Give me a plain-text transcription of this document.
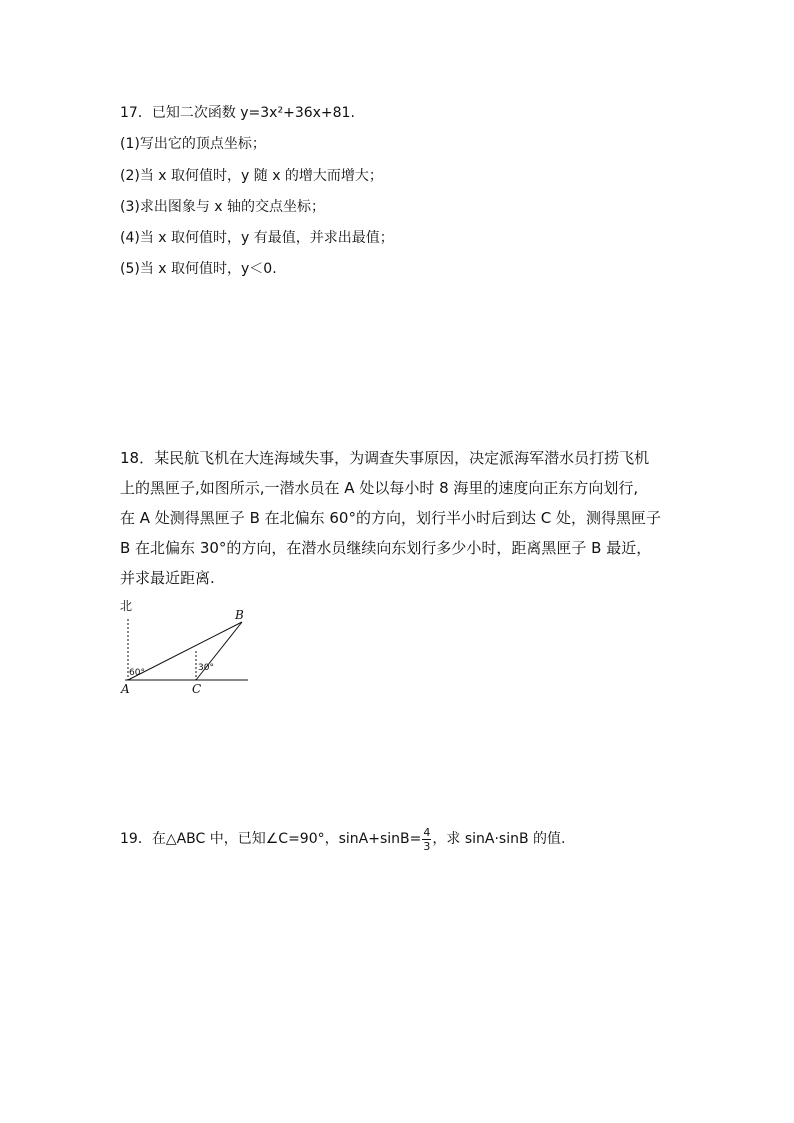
17．已知二次函数 y=3x²+36x+81.
(1)写出它的顶点坐标；
(2)当 x 取何值时，y 随 x 的增大而增大；
(3)求出图象与 x 轴的交点坐标；
(4)当 x 取何值时，y 有最值，并求出最值；
(5)当 x 取何值时，y＜0.
18．某民航飞机在大连海域失事，为调查失事原因，决定派海军潜水员打捞飞机
上的黑匣子,如图所示,一潜水员在 A 处以每小时 8 海里的速度向正东方向划行,
在 A 处测得黑匣子 B 在北偏东 60°的方向，划行半小时后到达 C 处，测得黑匣子
B 在北偏东 30°的方向，在潜水员继续向东划行多少小时，距离黑匣子 B 最近，
并求最近距离.
北
B
A	C
60°	30°
19．在△ABC 中，已知∠C=90°，$\sin A+\sin B= \frac{4}{3}$ ，求 sinA·sinB 的值.
